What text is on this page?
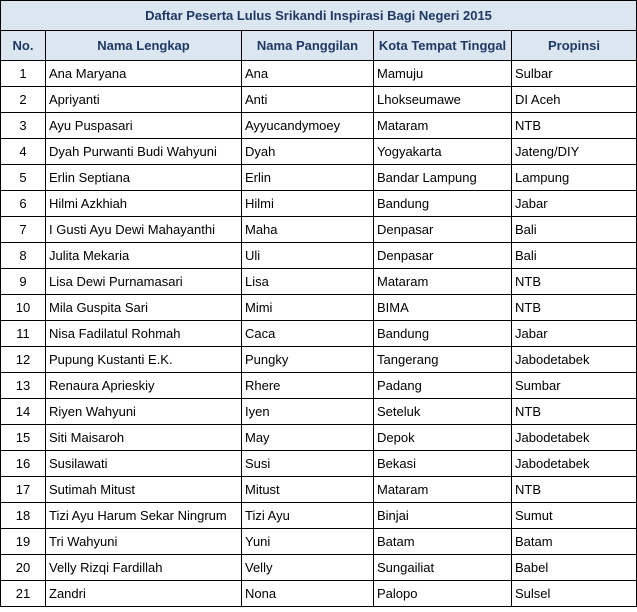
Daftar Peserta Lulus Srikandi Inspirasi Bagi Negeri 2015				
No.	Nama Lengkap	Nama Panggilan	Kota Tempat Tinggal	Propinsi
1	Ana Maryana	Ana	Mamuju	Sulbar
2	Apriyanti	Anti	Lhokseumawe	DI Aceh
3	Ayu Puspasari	Ayyucandymoey	Mataram	NTB
4	Dyah Purwanti Budi Wahyuni	Dyah	Yogyakarta	Jateng/DIY
5	Erlin Septiana	Erlin	Bandar Lampung	Lampung
6	Hilmi Azkhiah	Hilmi	Bandung	Jabar
7	I Gusti Ayu Dewi Mahayanthi	Maha	Denpasar	Bali
8	Julita Mekaria	Uli	Denpasar	Bali
9	Lisa Dewi Purnamasari	Lisa	Mataram	NTB
10	Mila Guspita Sari	Mimi	BIMA	NTB
11	Nisa Fadilatul Rohmah	Caca	Bandung	Jabar
12	Pupung Kustanti E.K.	Pungky	Tangerang	Jabodetabek
13	Renaura Aprieskiy	Rhere	Padang	Sumbar
14	Riyen Wahyuni	Iyen	Seteluk	NTB
15	Siti Maisaroh	May	Depok	Jabodetabek
16	Susilawati	Susi	Bekasi	Jabodetabek
17	Sutimah Mitust	Mitust	Mataram	NTB
18	Tizi Ayu Harum Sekar Ningrum	Tizi Ayu	Binjai	Sumut
19	Tri Wahyuni	Yuni	Batam	Batam
20	Velly Rizqi Fardillah	Velly	Sungailiat	Babel
21	Zandri	Nona	Palopo	Sulsel
